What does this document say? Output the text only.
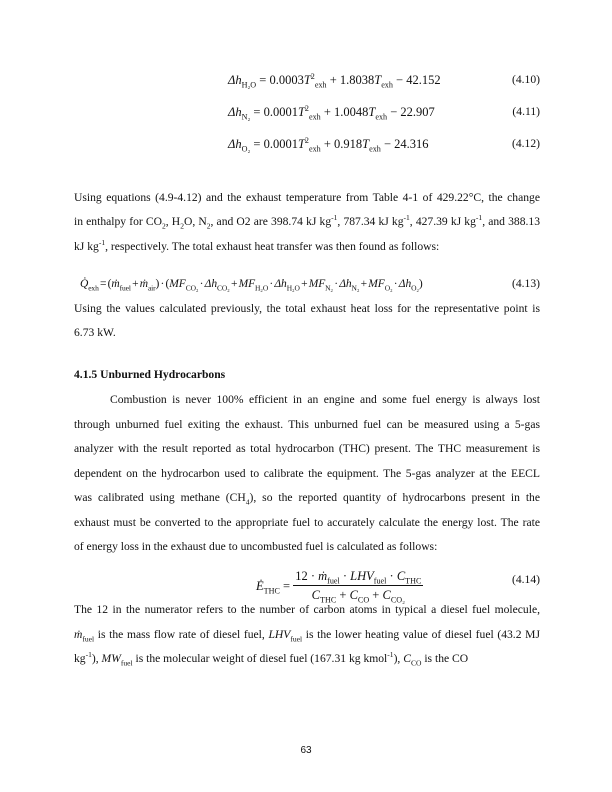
$\Delta h_{H_2O} = 0.0003T^2_{exh} + 1.8038T_{exh} - 42.152$	(4.10)
$\Delta h_{N_2} = 0.0001T^2_{exh} + 1.0048T_{exh} - 22.907$	(4.11)
$\Delta h_{O_2} = 0.0001T^2_{exh} + 0.918T_{exh} - 24.316$	(4.12)
Using equations (4.9-4.12) and the exhaust temperature from Table 4-1 of 429.22°C, the change
in enthalpy for $CO_2$, $H_2O$, $N_2$, and O2 are 398.74 kJ $kg^{-1}$, 787.34 kJ $kg^{-1}$, 427.39 kJ $kg^{-1}$, and 388.13
kJ $kg^{-1}$, respectively. The total exhaust heat transfer was then found as follows:
$Q̇_{exh}$ = (ṁ$_{fuel}$ + ṁ$_{air}$) · $(MF_{CO_2} \cdot \Delta h_{CO_2} + MF_{H_2O} \cdot \Delta h_{H_2O} + MF_{N_2} \cdot \Delta h_{N_2} + MF_{O_2} \cdot \Delta h_{O_2})$	(4.13)
Using the values calculated previously, the total exhaust heat loss for the representative point is
6.73 kW.
4.1.5 Unburned Hydrocarbons
Combustion is never 100% efficient in an engine and some fuel energy is always lost
through unburned fuel exiting the exhaust. This unburned fuel can be measured using a 5-gas
analyzer with the result reported as total hydrocarbon (THC) present. The THC measurement is
dependent on the hydrocarbon used to calibrate the equipment. The 5-gas analyzer at the EECL
was calibrated using methane $(CH_4)$, so the reported quantity of hydrocarbons present in the
exhaust must be converted to the appropriate fuel to accurately calculate the energy lost. The rate
of energy loss in the exhaust due to uncombusted fuel is calculated as follows:
$Ė_{THC} = \frac{12 \cdot ṁ_{fuel} \cdot LHV_{fuel} \cdot C_{THC}}{C_{THC} + C_{CO} + C_{CO_2}}$	(4.14)
The 12 in the numerator refers to the number of carbon atoms in typical a diesel fuel molecule,
ṁ$_{fuel}$ is the mass flow rate of diesel fuel, $LHV_{fuel}$ is the lower heating value of diesel fuel (43.2 MJ
$kg^{-1}$), $MW_{fuel}$ is the molecular weight of diesel fuel (167.31 kg kmol$^{-1}$), $C_{CO}$ is the CO
63
